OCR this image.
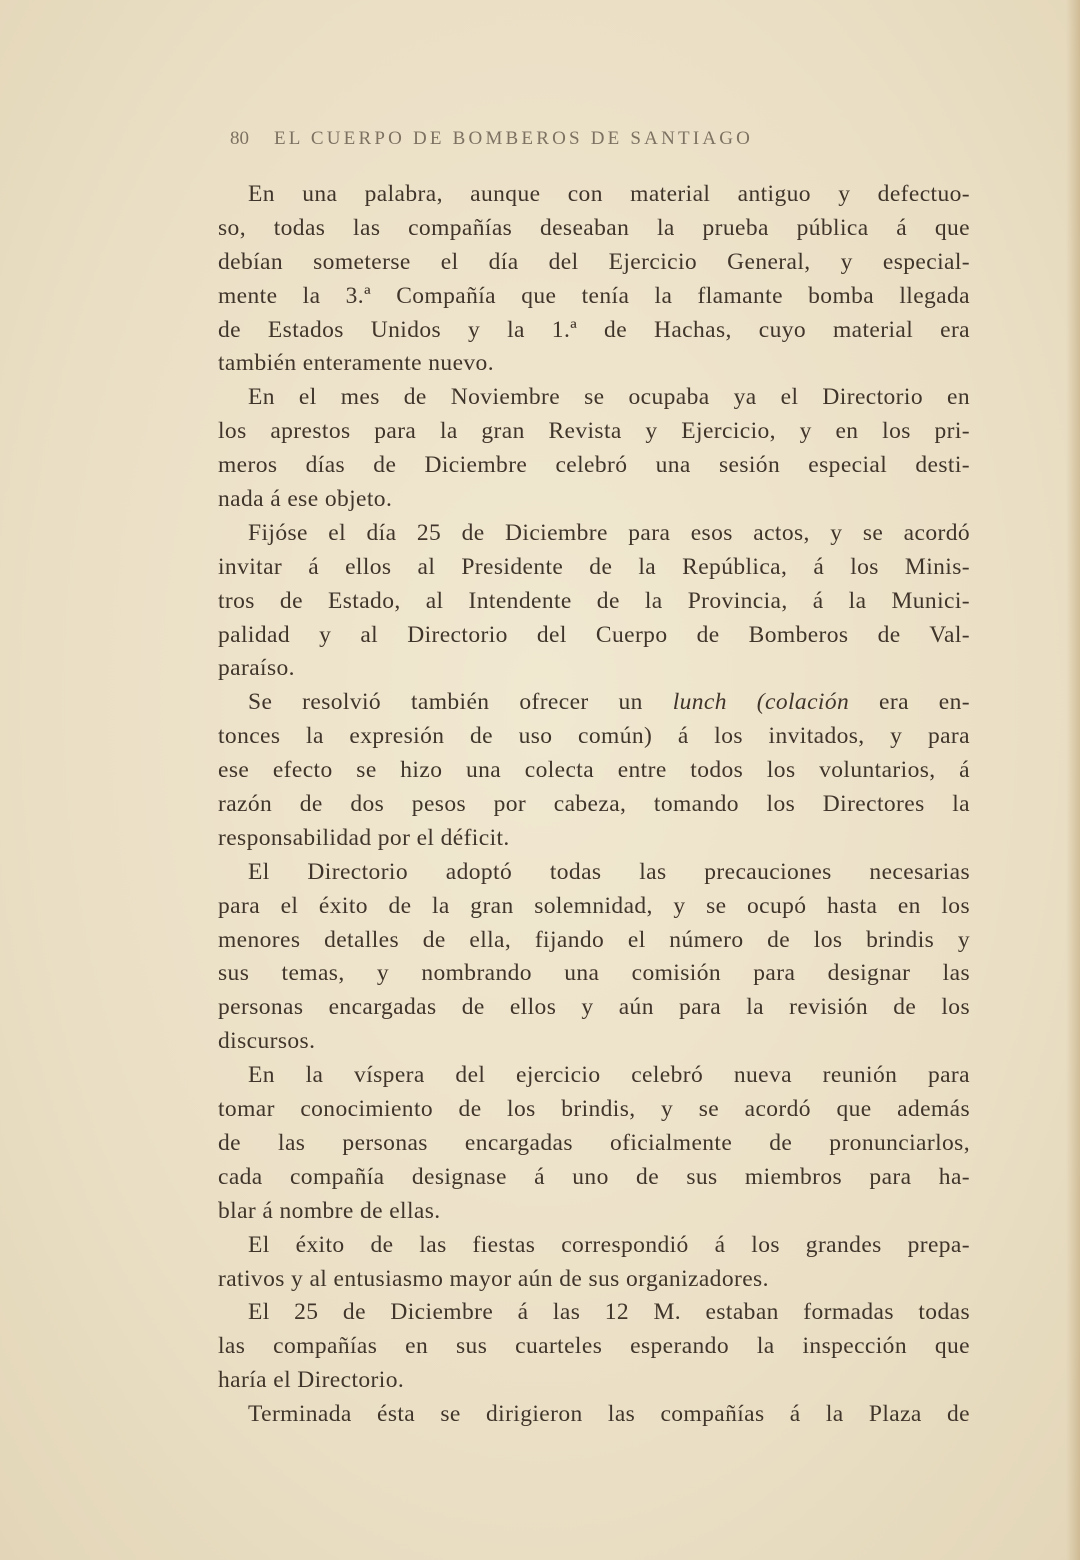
80 EL CUERPO DE BOMBEROS DE SANTIAGO
En una palabra, aunque con material antiguo y defectuo-
so, todas las compañías deseaban la prueba pública á que
debían someterse el día del Ejercicio General, y especial-
mente la 3.ª Compañía que tenía la flamante bomba llegada
de Estados Unidos y la 1.ª de Hachas, cuyo material era
también enteramente nuevo.
En el mes de Noviembre se ocupaba ya el Directorio en
los aprestos para la gran Revista y Ejercicio, y en los pri-
meros días de Diciembre celebró una sesión especial desti-
nada á ese objeto.
Fijóse el día 25 de Diciembre para esos actos, y se acordó
invitar á ellos al Presidente de la República, á los Minis-
tros de Estado, al Intendente de la Provincia, á la Munici-
palidad y al Directorio del Cuerpo de Bomberos de Val-
paraíso.
Se resolvió también ofrecer un lunch (colación era en-
tonces la expresión de uso común) á los invitados, y para
ese efecto se hizo una colecta entre todos los voluntarios, á
razón de dos pesos por cabeza, tomando los Directores la
responsabilidad por el déficit.
El Directorio adoptó todas las precauciones necesarias
para el éxito de la gran solemnidad, y se ocupó hasta en los
menores detalles de ella, fijando el número de los brindis y
sus temas, y nombrando una comisión para designar las
personas encargadas de ellos y aún para la revisión de los
discursos.
En la víspera del ejercicio celebró nueva reunión para
tomar conocimiento de los brindis, y se acordó que además
de las personas encargadas oficialmente de pronunciarlos,
cada compañía designase á uno de sus miembros para ha-
blar á nombre de ellas.
El éxito de las fiestas correspondió á los grandes prepa-
rativos y al entusiasmo mayor aún de sus organizadores.
El 25 de Diciembre á las 12 M. estaban formadas todas
las compañías en sus cuarteles esperando la inspección que
haría el Directorio.
Terminada ésta se dirigieron las compañías á la Plaza de
